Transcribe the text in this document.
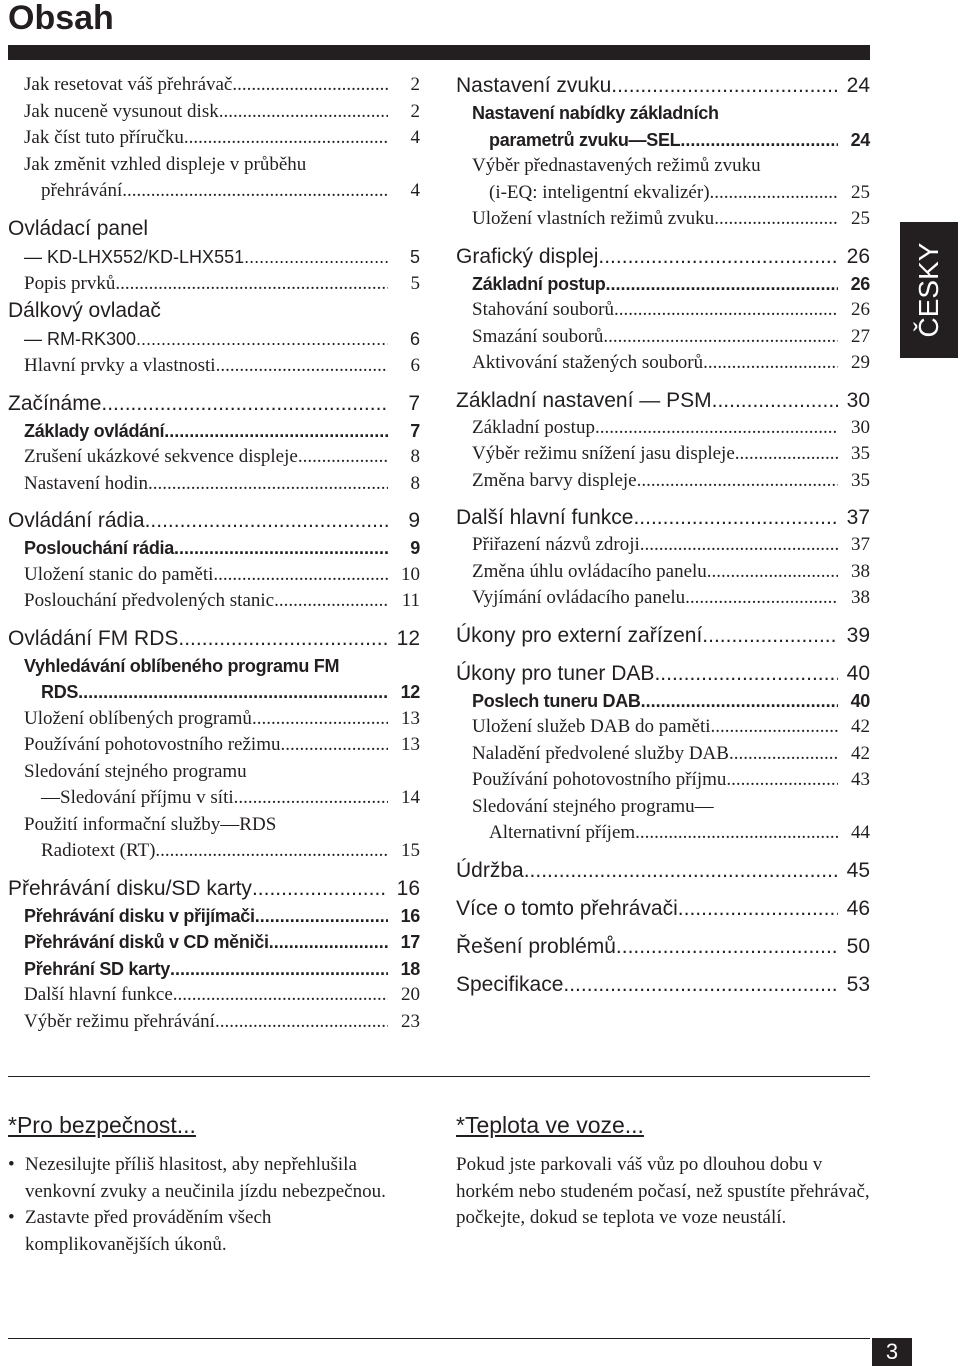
Obsah
Jak resetovat váš přehrávač .....	2
Jak nuceně vysunout disk .....	2
Jak číst tuto příručku .....	4
Jak změnit vzhled displeje v průběhu
přehrávání .....	4
Ovládací panel
— KD-LHX552/KD-LHX551 .....	5
Popis prvků .....	5
Dálkový ovladač
— RM-RK300 .....	6
Hlavní prvky a vlastnosti .....	6
Začínáme .....	7
Základy ovládání .....	7
Zrušení ukázkové sekvence displeje .....	8
Nastavení hodin .....	8
Ovládání rádia .....	9
Poslouchání rádia .....	9
Uložení stanic do paměti .....	10
Poslouchání předvolených stanic .....	11
Ovládání FM RDS .....	12
Vyhledávání oblíbeného programu FM
RDS .....	12
Uložení oblíbených programů .....	13
Používání pohotovostního režimu .....	13
Sledování stejného programu
—Sledování příjmu v síti .....	14
Použití informační služby—RDS
Radiotext (RT) .....	15
Přehrávání disku/SD karty .....	16
Přehrávání disku v přijímači .....	16
Přehrávání disků v CD měniči .....	17
Přehrání SD karty .....	18
Další hlavní funkce .....	20
Výběr režimu přehrávání .....	23
Nastavení zvuku .....	24
Nastavení nabídky základních
parametrů zvuku—SEL .....	24
Výběr přednastavených režimů zvuku
(i-EQ: inteligentní ekvalizér) .....	25
Uložení vlastních režimů zvuku .....	25
Grafický displej .....	26
Základní postup .....	26
Stahování souborů .....	26
Smazání souborů .....	27
Aktivování stažených souborů .....	29
Základní nastavení — PSM .....	30
Základní postup .....	30
Výběr režimu snížení jasu displeje .....	35
Změna barvy displeje .....	35
Další hlavní funkce .....	37
Přiřazení názvů zdroji .....	37
Změna úhlu ovládacího panelu .....	38
Vyjímání ovládacího panelu .....	38
Úkony pro externí zařízení .....	39
Úkony pro tuner DAB .....	40
Poslech tuneru DAB .....	40
Uložení služeb DAB do paměti .....	42
Naladění předvolené služby DAB .....	42
Používání pohotovostního příjmu .....	43
Sledování stejného programu—
Alternativní příjem .....	44
Údržba .....	45
Více o tomto přehrávači .....	46
Řešení problémů .....	50
Specifikace .....	53
ČESKY
*Pro bezpečnost...
• Nezesilujte příliš hlasitost, aby nepřehlušila venkovní zvuky a neučinila jízdu nebezpečnou.
• Zastavte před prováděním všech komplikovanějších úkonů.
*Teplota ve voze...
Pokud jste parkovali váš vůz po dlouhou dobu v horkém nebo studeném počasí, než spustíte přehrávač, počkejte, dokud se teplota ve voze neustálí.
3
